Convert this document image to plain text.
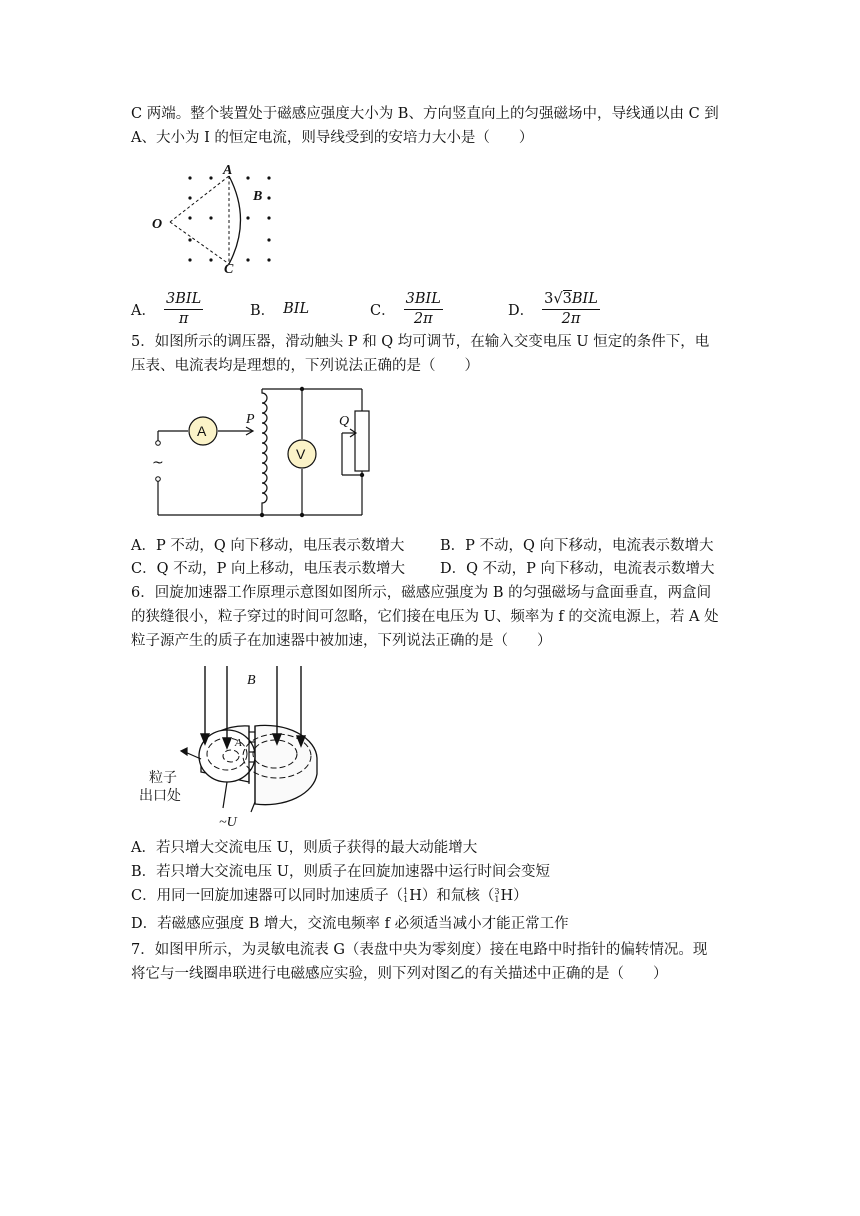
C 两端。整个装置处于磁感应强度大小为 B、方向竖直向上的匀强磁场中，导线通以由 C 到
A、大小为 I 的恒定电流，则导线受到的安培力大小是（　　）
A
B
O
C
A． $\frac{\text{3BIL}}{\pi}$	B． BIL	C． $\frac{\text{3BIL}}{2\pi}$	D． $\frac{\text{3√3BIL}}{2\pi}$
5．如图所示的调压器，滑动触头 P 和 Q 均可调节，在输入交变电压 U 恒定的条件下，电
压表、电流表均是理想的，下列说法正确的是（　　）
A
V
P	Q
~
A．P 不动，Q 向下移动，电压表示数增大 B．P 不动，Q 向下移动，电流表示数增大
C．Q 不动，P 向上移动，电压表示数增大 D．Q 不动，P 向下移动，电流表示数增大
6．回旋加速器工作原理示意图如图所示，磁感应强度为 B 的匀强磁场与盒面垂直，两盒间
的狭缝很小，粒子穿过的时间可忽略，它们接在电压为 U、频率为 f 的交流电源上，若 A 处
粒子源产生的质子在加速器中被加速，下列说法正确的是（　　）
B
A
粒子
出口处
~U
A．若只增大交流电压 U，则质子获得的最大动能增大
B．若只增大交流电压 U，则质子在回旋加速器中运行时间会变短
C．用同一回旋加速器可以同时加速质子（ 1
1 H）和氚核（ 3
1 H）
D．若磁感应强度 B 增大，交流电频率 f 必须适当减小才能正常工作
7．如图甲所示，为灵敏电流表 G（表盘中央为零刻度）接在电路中时指针的偏转情况。现
将它与一线圈串联进行电磁感应实验，则下列对图乙的有关描述中正确的是（　　）
